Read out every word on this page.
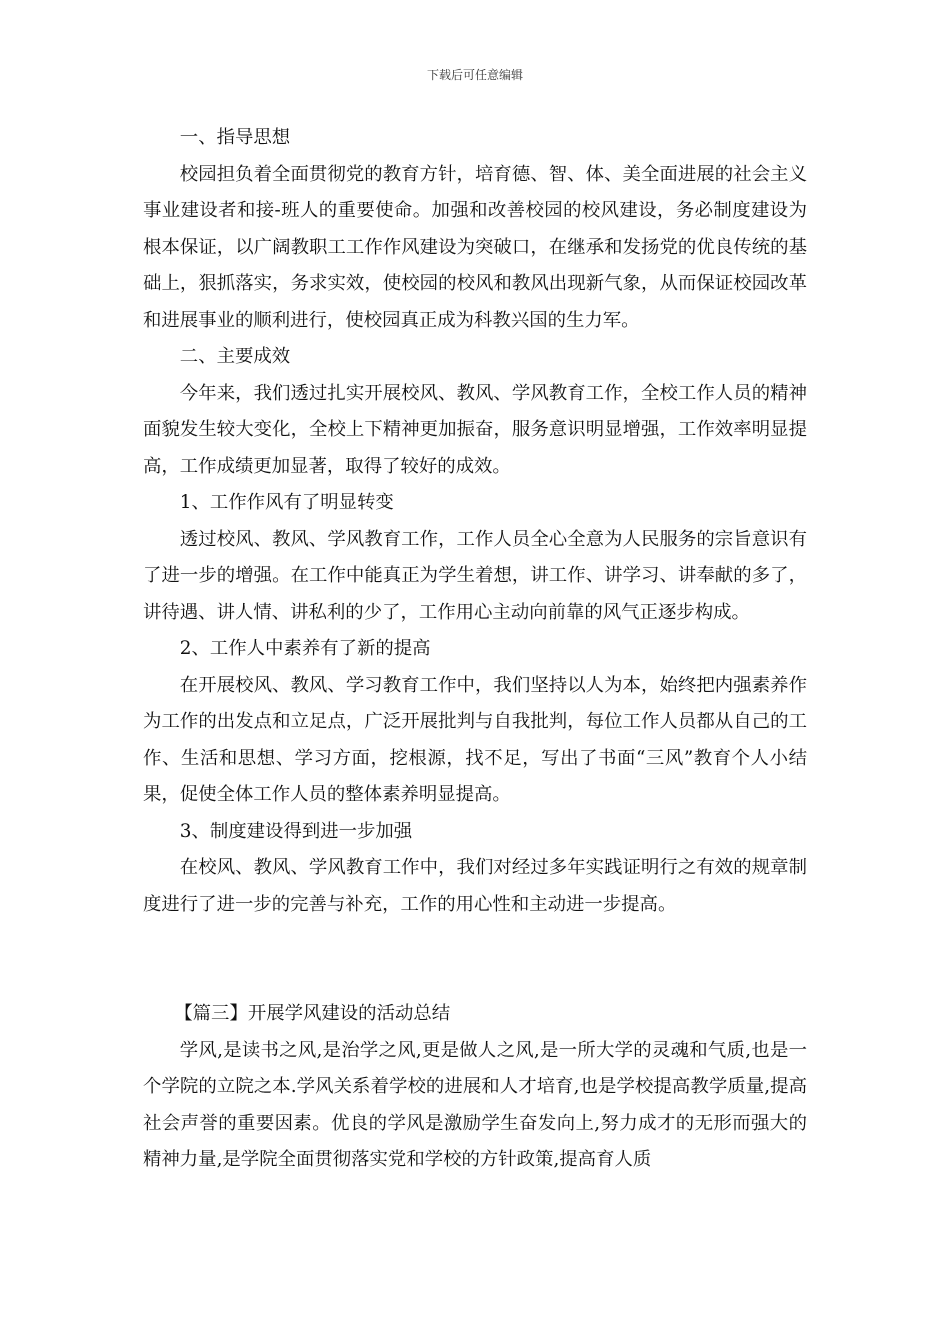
下载后可任意编辑

一、指导思想

校园担负着全面贯彻党的教育方针，培育德、智、体、美全面进展的社会主义事业建设者和接-班人的重要使命。加强和改善校园的校风建设，务必制度建设为根本保证，以广阔教职工工作作风建设为突破口，在继承和发扬党的优良传统的基础上，狠抓落实，务求实效，使校园的校风和教风出现新气象，从而保证校园改革和进展事业的顺利进行，使校园真正成为科教兴国的生力军。

二、主要成效

今年来，我们透过扎实开展校风、教风、学风教育工作，全校工作人员的精神面貌发生较大变化，全校上下精神更加振奋，服务意识明显增强，工作效率明显提高，工作成绩更加显著，取得了较好的成效。

1、工作作风有了明显转变

透过校风、教风、学风教育工作，工作人员全心全意为人民服务的宗旨意识有了进一步的增强。在工作中能真正为学生着想，讲工作、讲学习、讲奉献的多了，讲待遇、讲人情、讲私利的少了，工作用心主动向前靠的风气正逐步构成。

2、工作人中素养有了新的提高

在开展校风、教风、学习教育工作中，我们坚持以人为本，始终把内强素养作为工作的出发点和立足点，广泛开展批判与自我批判，每位工作人员都从自己的工作、生活和思想、学习方面，挖根源，找不足，写出了书面“三风”教育个人小结果，促使全体工作人员的整体素养明显提高。

3、制度建设得到进一步加强

在校风、教风、学风教育工作中，我们对经过多年实践证明行之有效的规章制度进行了进一步的完善与补充，工作的用心性和主动进一步提高。

【篇三】开展学风建设的活动总结

学风,是读书之风,是治学之风,更是做人之风,是一所大学的灵魂和气质,也是一个学院的立院之本.学风关系着学校的进展和人才培育,也是学校提高教学质量,提高社会声誉的重要因素。优良的学风是激励学生奋发向上,努力成才的无形而强大的精神力量,是学院全面贯彻落实党和学校的方针政策,提高育人质
